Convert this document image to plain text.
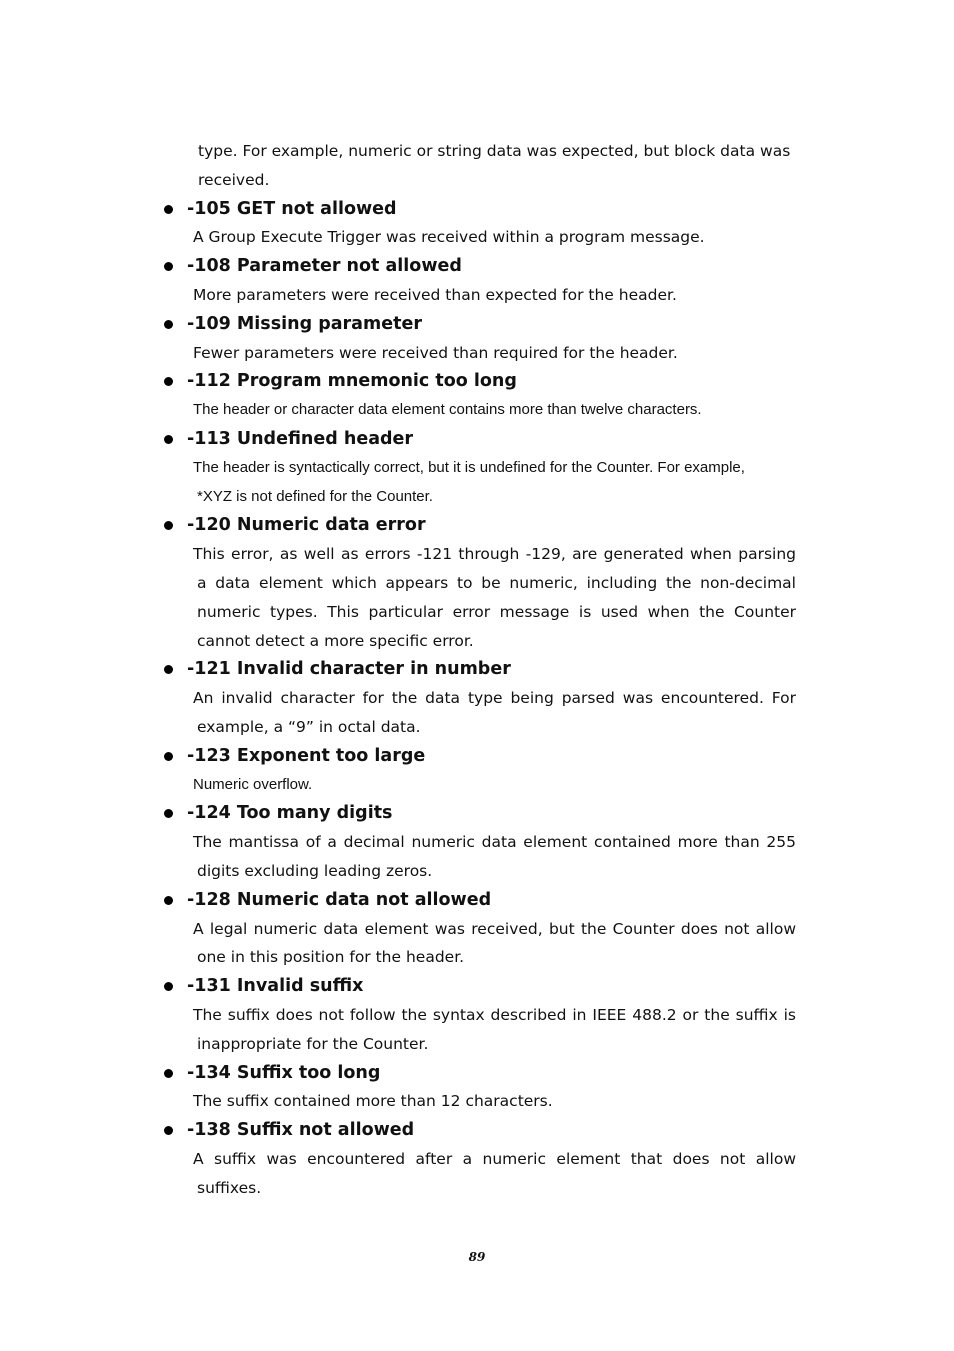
type. For example, numeric or string data was expected, but block data was
received.
-105 GET not allowed
A Group Execute Trigger was received within a program message.
-108 Parameter not allowed
More parameters were received than expected for the header.
-109 Missing parameter
Fewer parameters were received than required for the header.
-112 Program mnemonic too long
The header or character data element contains more than twelve characters.
-113 Undefined header
The header is syntactically correct, but it is undefined for the Counter. For example,
*XYZ is not defined for the Counter.
-120 Numeric data error
This error, as well as errors -121 through -129, are generated when parsing
a data element which appears to be numeric, including the non-decimal numeric types. This particular error message is used when the Counter cannot detect a more specific error.
-121 Invalid character in number
An invalid character for the data type being parsed was encountered. For
example, a “9” in octal data.
-123 Exponent too large
Numeric overflow.
-124 Too many digits
The mantissa of a decimal numeric data element contained more than 255
digits excluding leading zeros.
-128 Numeric data not allowed
A legal numeric data element was received, but the Counter does not allow
one in this position for the header.
-131 Invalid suffix
The suffix does not follow the syntax described in IEEE 488.2 or the suffix is
inappropriate for the Counter.
-134 Suffix too long
The suffix contained more than 12 characters.
-138 Suffix not allowed
A suffix was encountered after a numeric element that does not allow
suffixes.
89
